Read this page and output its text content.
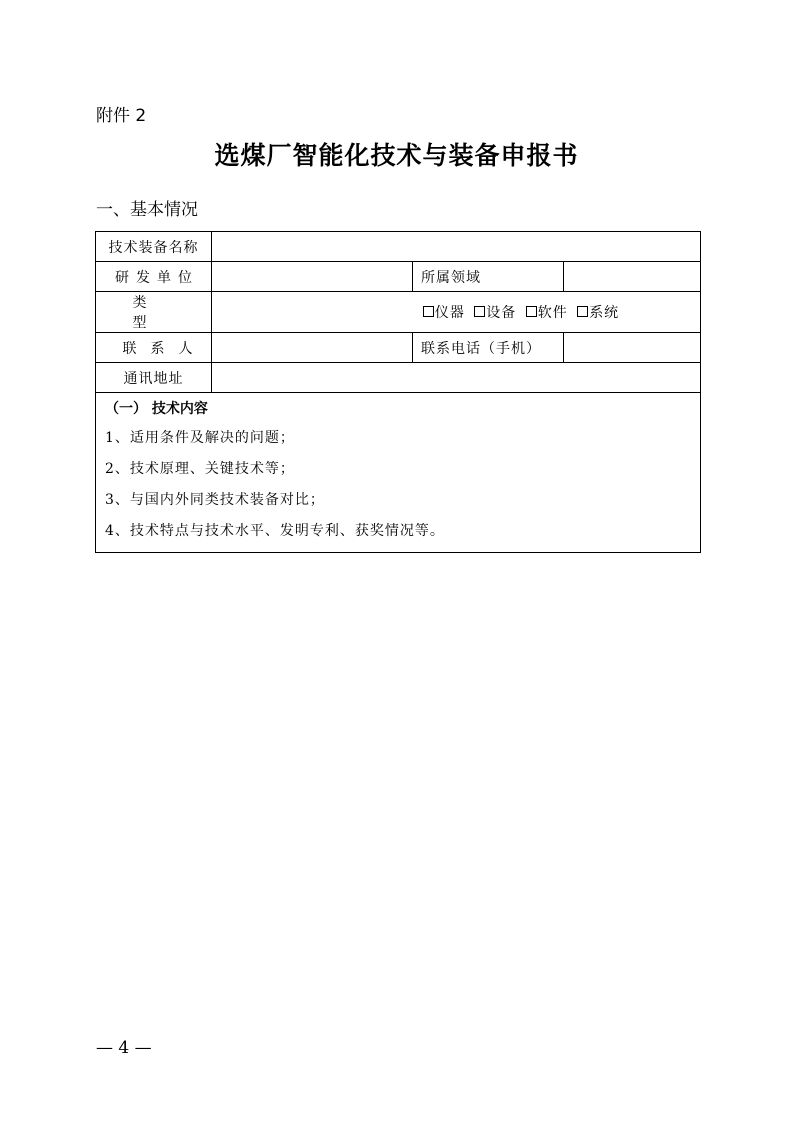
附件 2
选煤厂智能化技术与装备申报书
一、基本情况
技术装备名称			
研发单位		所属领域	
类型	仪器 设备 软件 系统		
联系人		联系电话（手机）	
通讯地址			

（一） 技术内容
1、适用条件及解决的问题；
2、技术原理、关键技术等；
3、与国内外同类技术装备对比；
4、技术特点与技术水平、发明专利、获奖情况等。			
— 4 —
